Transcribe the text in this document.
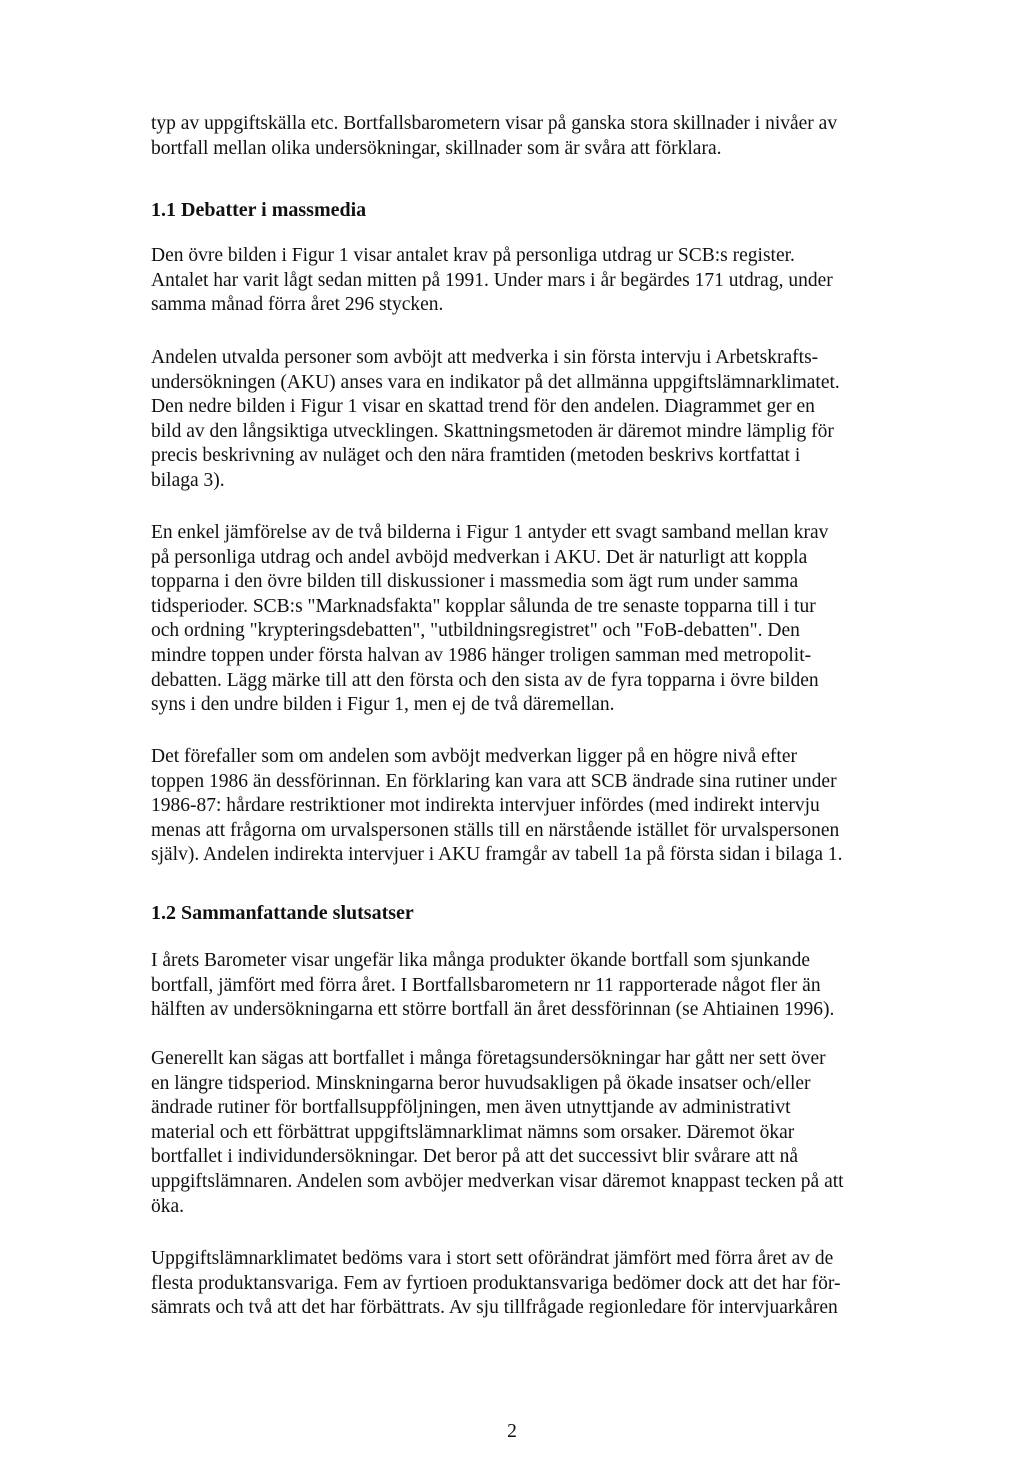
typ av uppgiftskälla etc. Bortfallsbarometern visar på ganska stora skillnader i nivåer av
bortfall mellan olika undersökningar, skillnader som är svåra att förklara.

1.1 Debatter i massmedia

Den övre bilden i Figur 1 visar antalet krav på personliga utdrag ur SCB:s register.
Antalet har varit lågt sedan mitten på 1991. Under mars i år begärdes 171 utdrag, under
samma månad förra året 296 stycken.

Andelen utvalda personer som avböjt att medverka i sin första intervju i Arbetskrafts-
undersökningen (AKU) anses vara en indikator på det allmänna uppgiftslämnarklimatet.
Den nedre bilden i Figur 1 visar en skattad trend för den andelen. Diagrammet ger en
bild av den långsiktiga utvecklingen. Skattningsmetoden är däremot mindre lämplig för
precis beskrivning av nuläget och den nära framtiden (metoden beskrivs kortfattat i
bilaga 3).

En enkel jämförelse av de två bilderna i Figur 1 antyder ett svagt samband mellan krav
på personliga utdrag och andel avböjd medverkan i AKU. Det är naturligt att koppla
topparna i den övre bilden till diskussioner i massmedia som ägt rum under samma
tidsperioder. SCB:s "Marknadsfakta" kopplar sålunda de tre senaste topparna till i tur
och ordning "krypteringsdebatten", "utbildningsregistret" och "FoB-debatten". Den
mindre toppen under första halvan av 1986 hänger troligen samman med metropolit-
debatten. Lägg märke till att den första och den sista av de fyra topparna i övre bilden
syns i den undre bilden i Figur 1, men ej de två däremellan.

Det förefaller som om andelen som avböjt medverkan ligger på en högre nivå efter
toppen 1986 än dessförinnan. En förklaring kan vara att SCB ändrade sina rutiner under
1986-87: hårdare restriktioner mot indirekta intervjuer infördes (med indirekt intervju
menas att frågorna om urvalspersonen ställs till en närstående istället för urvalspersonen
själv). Andelen indirekta intervjuer i AKU framgår av tabell 1a på första sidan i bilaga 1.

1.2 Sammanfattande slutsatser

I årets Barometer visar ungefär lika många produkter ökande bortfall som sjunkande
bortfall, jämfört med förra året. I Bortfallsbarometern nr 11 rapporterade något fler än
hälften av undersökningarna ett större bortfall än året dessförinnan (se Ahtiainen 1996).

Generellt kan sägas att bortfallet i många företagsundersökningar har gått ner sett över
en längre tidsperiod. Minskningarna beror huvudsakligen på ökade insatser och/eller
ändrade rutiner för bortfallsuppföljningen, men även utnyttjande av administrativt
material och ett förbättrat uppgiftslämnarklimat nämns som orsaker. Däremot ökar
bortfallet i individundersökningar. Det beror på att det successivt blir svårare att nå
uppgiftslämnaren. Andelen som avböjer medverkan visar däremot knappast tecken på att
öka.

Uppgiftslämnarklimatet bedöms vara i stort sett oförändrat jämfört med förra året av de
flesta produktansvariga. Fem av fyrtioen produktansvariga bedömer dock att det har för-
sämrats och två att det har förbättrats. Av sju tillfrågade regionledare för intervjuarkåren

2
